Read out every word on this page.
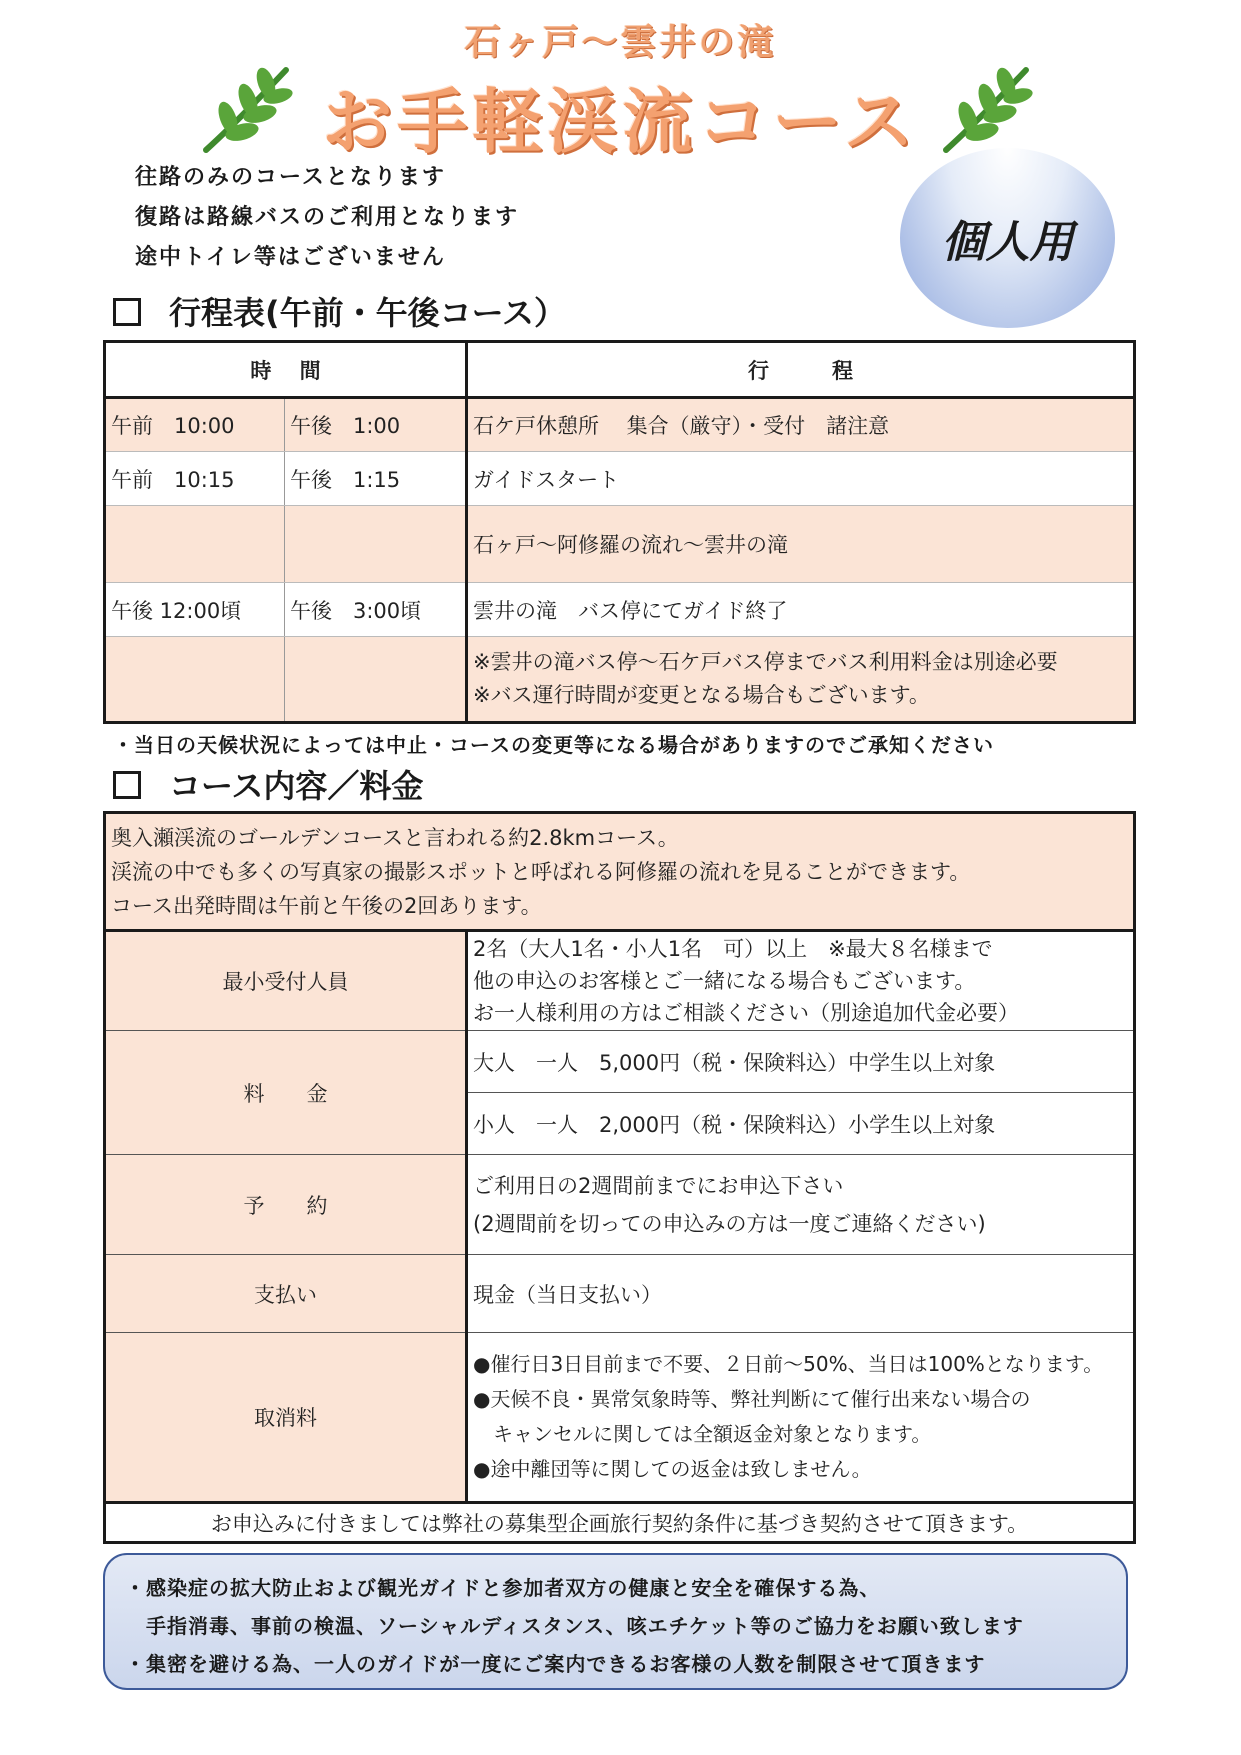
石ヶ戸～雲井の滝
お手軽渓流コース
往路のみのコースとなります
復路は路線バスのご利用となります
途中トイレ等はございません	個人用
行程表(午前・午後コース）
時　 間		行　　　程
午前　10:00	午後　1:00	石ケ戸休憩所　 集合（厳守）・受付　諸注意
午前　10:15	午後　1:15	ガイドスタート
		石ヶ戸～阿修羅の流れ～雲井の滝
午後 12:00頃	午後　3:00頃	雲井の滝　バス停にてガイド終了

		※雲井の滝バス停～石ケ戸バス停までバス利用料金は別途必要
※バス運行時間が変更となる場合もございます。
・当日の天候状況によっては中止・コースの変更等になる場合がありますのでご承知ください
コース内容／料金
奥入瀬渓流のゴールデンコースと言われる約2.8kmコース。
渓流の中でも多くの写真家の撮影スポットと呼ばれる阿修羅の流れを見ることができます。
コース出発時間は午前と午後の2回あります。	

最小受付人員	2名（大人1名・小人1名　可）以上　※最大８名様まで
他の申込のお客様とご一緒になる場合もございます。
お一人様利用の方はご相談ください（別途追加代金必要）

料　　金	大人　一人　5,000円（税・保険料込）中学生以上対象
	小人　一人　2,000円（税・保険料込）小学生以上対象
予　　約	ご利用日の2週間前までにお申込下さい
(2週間前を切っての申込みの方は一度ご連絡ください)

支払い	現金（当日支払い）
取消料	●催行日3日目前まで不要、２日前～50%、当日は100%となります。
●天候不良・異常気象時等、弊社判断にて催行出来ない場合の
　キャンセルに関しては全額返金対象となります。
●途中離団等に関しての返金は致しません。

お申込みに付きましては弊社の募集型企画旅行契約条件に基づき契約させて頂きます。	
・感染症の拡大防止および観光ガイドと参加者双方の健康と安全を確保する為、
　手指消毒、事前の検温、ソーシャルディスタンス、咳エチケット等のご協力をお願い致します
・集密を避ける為、一人のガイドが一度にご案内できるお客様の人数を制限させて頂きます
